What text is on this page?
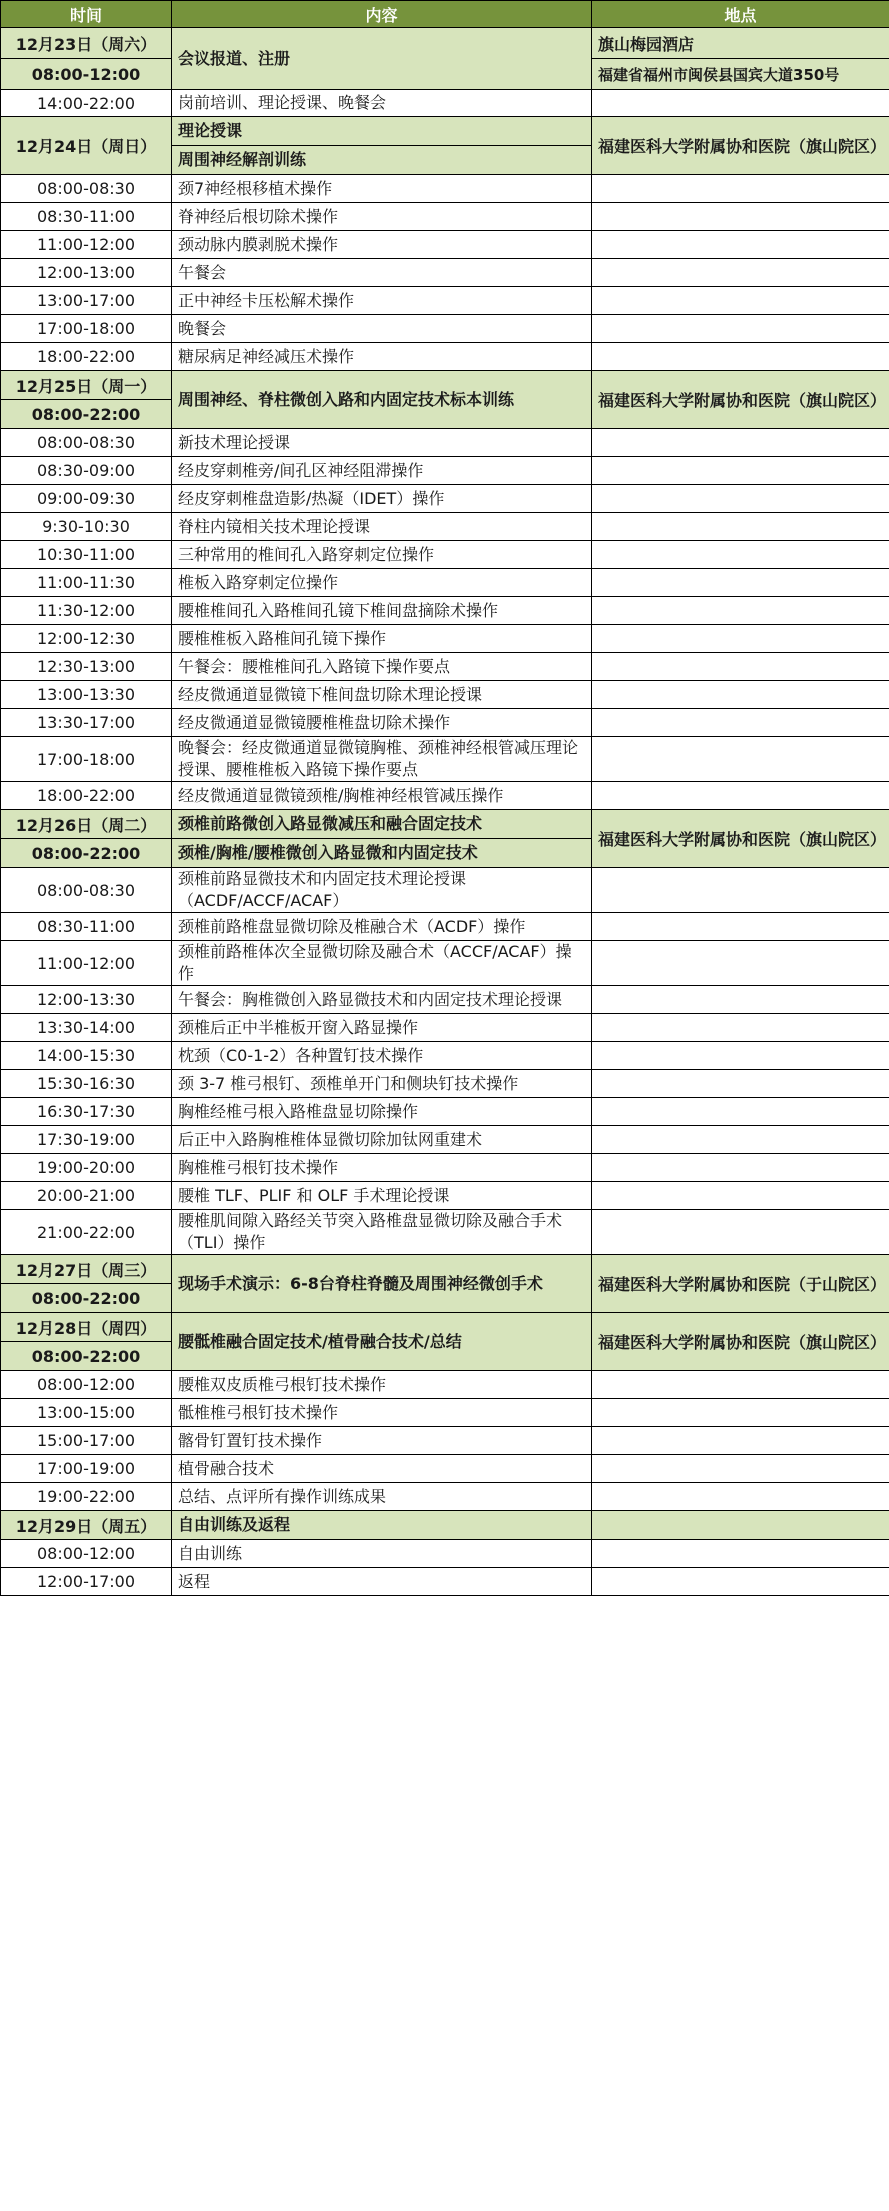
时间	内容	地点
12月23日（周六）	会议报道、注册	旗山梅园酒店
08:00-12:00		福建省福州市闽侯县国宾大道350号
14:00-22:00	岗前培训、理论授课、晚餐会	
12月24日（周日）	理论授课	福建医科大学附属协和医院（旗山院区）
	周围神经解剖训练	
08:00-08:30	颈7神经根移植术操作	
08:30-11:00	脊神经后根切除术操作	
11:00-12:00	颈动脉内膜剥脱术操作	
12:00-13:00	午餐会	
13:00-17:00	正中神经卡压松解术操作	
17:00-18:00	晚餐会	
18:00-22:00	糖尿病足神经减压术操作	
12月25日（周一）	周围神经、脊柱微创入路和内固定技术标本训练	福建医科大学附属协和医院（旗山院区）
08:00-22:00		
08:00-08:30	新技术理论授课	
08:30-09:00	经皮穿刺椎旁/间孔区神经阻滞操作	
09:00-09:30	经皮穿刺椎盘造影/热凝（IDET）操作	
9:30-10:30	脊柱内镜相关技术理论授课	
10:30-11:00	三种常用的椎间孔入路穿刺定位操作	
11:00-11:30	椎板入路穿刺定位操作	
11:30-12:00	腰椎椎间孔入路椎间孔镜下椎间盘摘除术操作	
12:00-12:30	腰椎椎板入路椎间孔镜下操作	
12:30-13:00	午餐会：腰椎椎间孔入路镜下操作要点	
13:00-13:30	经皮微通道显微镜下椎间盘切除术理论授课	
13:30-17:00	经皮微通道显微镜腰椎椎盘切除术操作	
17:00-18:00	晚餐会：经皮微通道显微镜胸椎、颈椎神经根管减压理论授课、腰椎椎板入路镜下操作要点	
18:00-22:00	经皮微通道显微镜颈椎/胸椎神经根管减压操作	
12月26日（周二）	颈椎前路微创入路显微减压和融合固定技术	福建医科大学附属协和医院（旗山院区）
08:00-22:00	颈椎/胸椎/腰椎微创入路显微和内固定技术	
08:00-08:30	颈椎前路显微技术和内固定技术理论授课（ACDF/ACCF/ACAF）	
08:30-11:00	颈椎前路椎盘显微切除及椎融合术（ACDF）操作	
11:00-12:00	颈椎前路椎体次全显微切除及融合术（ACCF/ACAF）操作	
12:00-13:30	午餐会：胸椎微创入路显微技术和内固定技术理论授课	
13:30-14:00	颈椎后正中半椎板开窗入路显操作	
14:00-15:30	枕颈（C0-1-2）各种置钉技术操作	
15:30-16:30	颈 3-7 椎弓根钉、颈椎单开门和侧块钉技术操作	
16:30-17:30	胸椎经椎弓根入路椎盘显切除操作	
17:30-19:00	后正中入路胸椎椎体显微切除加钛网重建术	
19:00-20:00	胸椎椎弓根钉技术操作	
20:00-21:00	腰椎 TLF、PLIF 和 OLF 手术理论授课	
21:00-22:00	腰椎肌间隙入路经关节突入路椎盘显微切除及融合手术（TLI）操作	
12月27日（周三）	现场手术演示：6-8台脊柱脊髓及周围神经微创手术	福建医科大学附属协和医院（于山院区）
08:00-22:00		
12月28日（周四）	腰骶椎融合固定技术/植骨融合技术/总结	福建医科大学附属协和医院（旗山院区）
08:00-22:00		
08:00-12:00	腰椎双皮质椎弓根钉技术操作	
13:00-15:00	骶椎椎弓根钉技术操作	
15:00-17:00	髂骨钉置钉技术操作	
17:00-19:00	植骨融合技术	
19:00-22:00	总结、点评所有操作训练成果	
12月29日（周五）	自由训练及返程	
08:00-12:00	自由训练	
12:00-17:00	返程	
